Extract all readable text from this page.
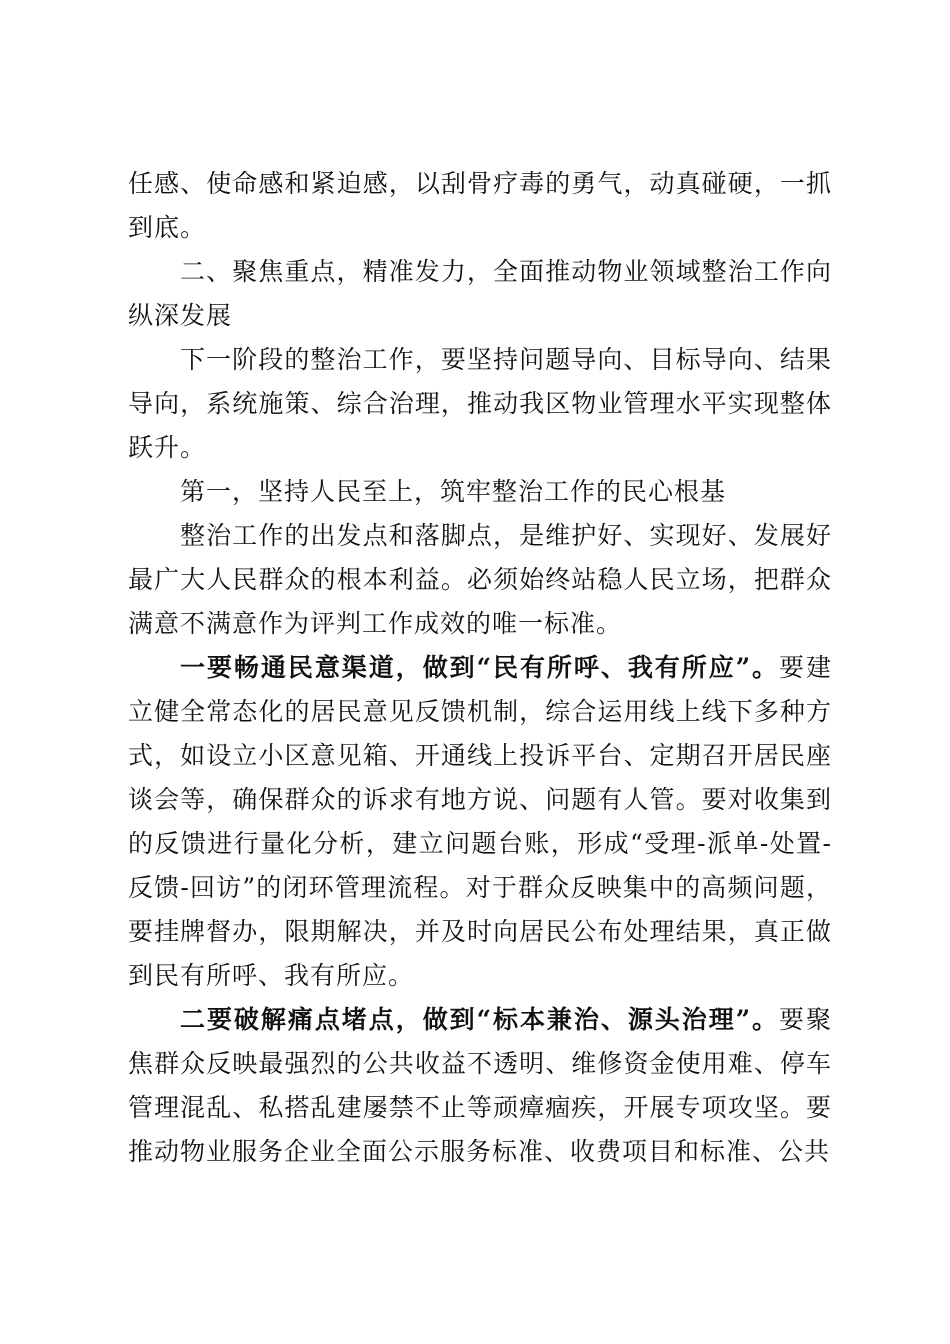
任感、使命感和紧迫感，以刮骨疗毒的勇气，动真碰硬，一抓到底。

二、聚焦重点，精准发力，全面推动物业领域整治工作向纵深发展

下一阶段的整治工作，要坚持问题导向、目标导向、结果导向，系统施策、综合治理，推动我区物业管理水平实现整体跃升。

第一，坚持人民至上，筑牢整治工作的民心根基

整治工作的出发点和落脚点，是维护好、实现好、发展好最广大人民群众的根本利益。必须始终站稳人民立场，把群众满意不满意作为评判工作成效的唯一标准。

一要畅通民意渠道，做到“民有所呼、我有所应”。要建立健全常态化的居民意见反馈机制，综合运用线上线下多种方式，如设立小区意见箱、开通线上投诉平台、定期召开居民座谈会等，确保群众的诉求有地方说、问题有人管。要对收集到的反馈进行量化分析，建立问题台账，形成“受理-派单-处置-反馈-回访”的闭环管理流程。对于群众反映集中的高频问题，要挂牌督办，限期解决，并及时向居民公布处理结果，真正做到民有所呼、我有所应。

二要破解痛点堵点，做到“标本兼治、源头治理”。要聚焦群众反映最强烈的公共收益不透明、维修资金使用难、停车管理混乱、私搭乱建屡禁不止等顽瘴痼疾，开展专项攻坚。要推动物业服务企业全面公示服务标准、收费项目和标准、公共
